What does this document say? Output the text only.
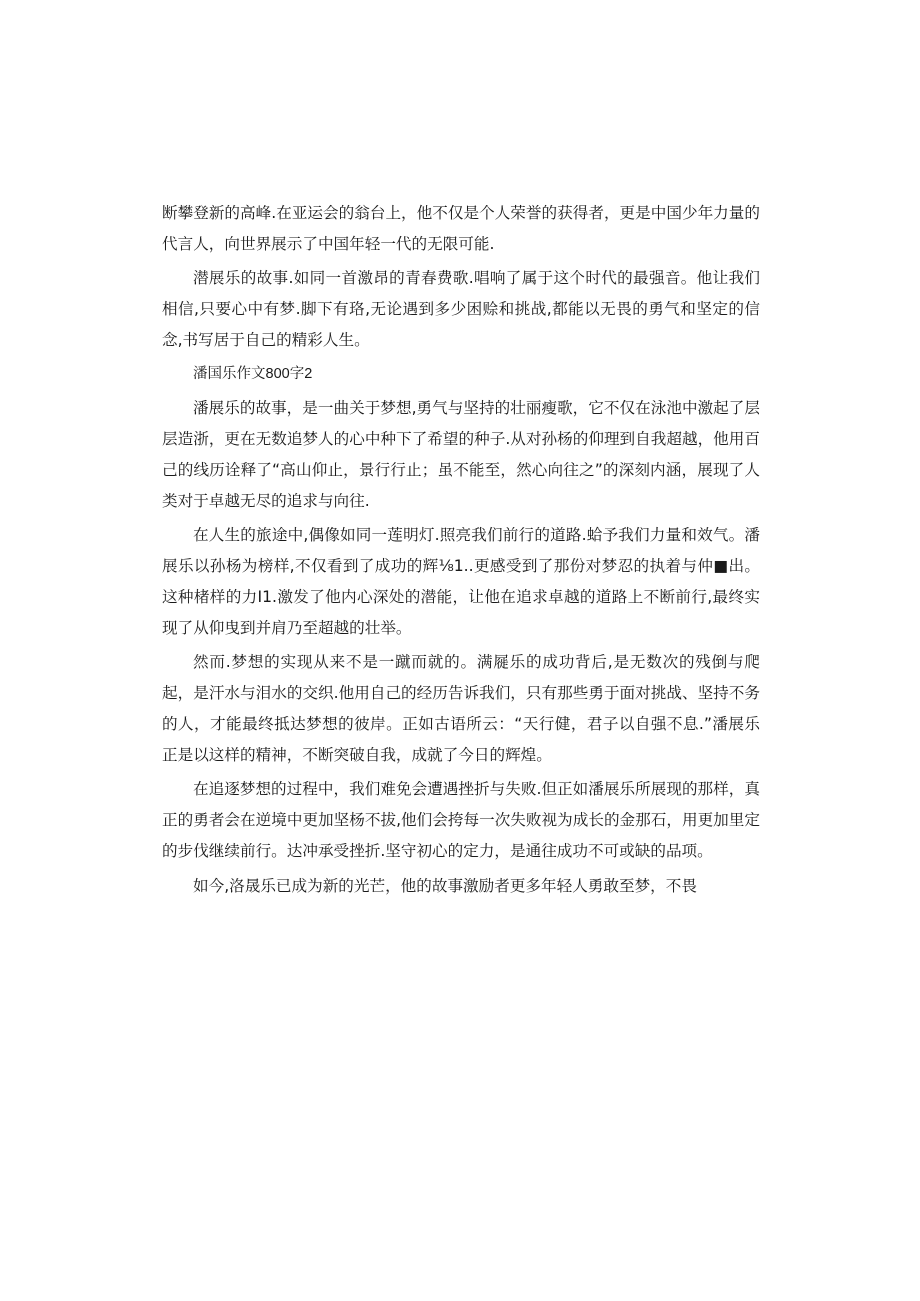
断攀登新的高峰.在亚运会的翁台上，他不仅是个人荣誉的获得者，更是中国少年力量的代言人，向世界展示了中国年轻一代的无限可能.

潜展乐的故事.如同一首激昂的青春费歌.唱响了属于这个时代的最强音。他让我们相信,只要心中有梦.脚下有珞,无论遇到多少困赊和挑战,都能以无畏的勇气和坚定的信念,书写居于自己的精彩人生。

潘国乐作文800字2

潘展乐的故事，是一曲关于梦想,勇气与坚持的壮丽瘦歌，它不仅在泳池中激起了层层造浙，更在无数追梦人的心中种下了希望的种子.从对孙杨的仰理到自我超越，他用百己的线历诠释了“高山仰止，景行行止；虽不能至，然心向往之”的深刻内涵，展现了人类对于卓越无尽的追求与向往.

在人生的旅途中,偶像如同一莲明灯.照亮我们前行的道路.蛤予我们力量和效气。潘展乐以孙杨为榜样,不仅看到了成功的辉⅛1..更感受到了那份对梦忍的执着与仲■出。这种楮样的力I1.激发了他内心深处的潜能，让他在追求卓越的道路上不断前行,最终实现了从仰曳到并肩乃至超越的壮举。

然而.梦想的实现从来不是一蹴而就的。满屣乐的成功背后,是无数次的残倒与爬起，是汗水与泪水的交织.他用自己的经历告诉我们，只有那些勇于面对挑战、坚持不务的人，才能最终抵达梦想的彼岸。正如古语所云：“天行健，君子以自强不息.”潘展乐正是以这样的精神，不断突破自我，成就了今日的辉煌。

在追逐梦想的过程中，我们难免会遭遇挫折与失败.但正如潘展乐所展现的那样，真正的勇者会在逆境中更加坚杨不拔,他们会挎每一次失败视为成长的金那石，用更加里定的步伐继续前行。达冲承受挫折.坚守初心的定力，是通往成功不可或缺的品项。

如今,洛晟乐已成为新的光芒，他的故事激励者更多年轻人勇敢至梦，不畏
